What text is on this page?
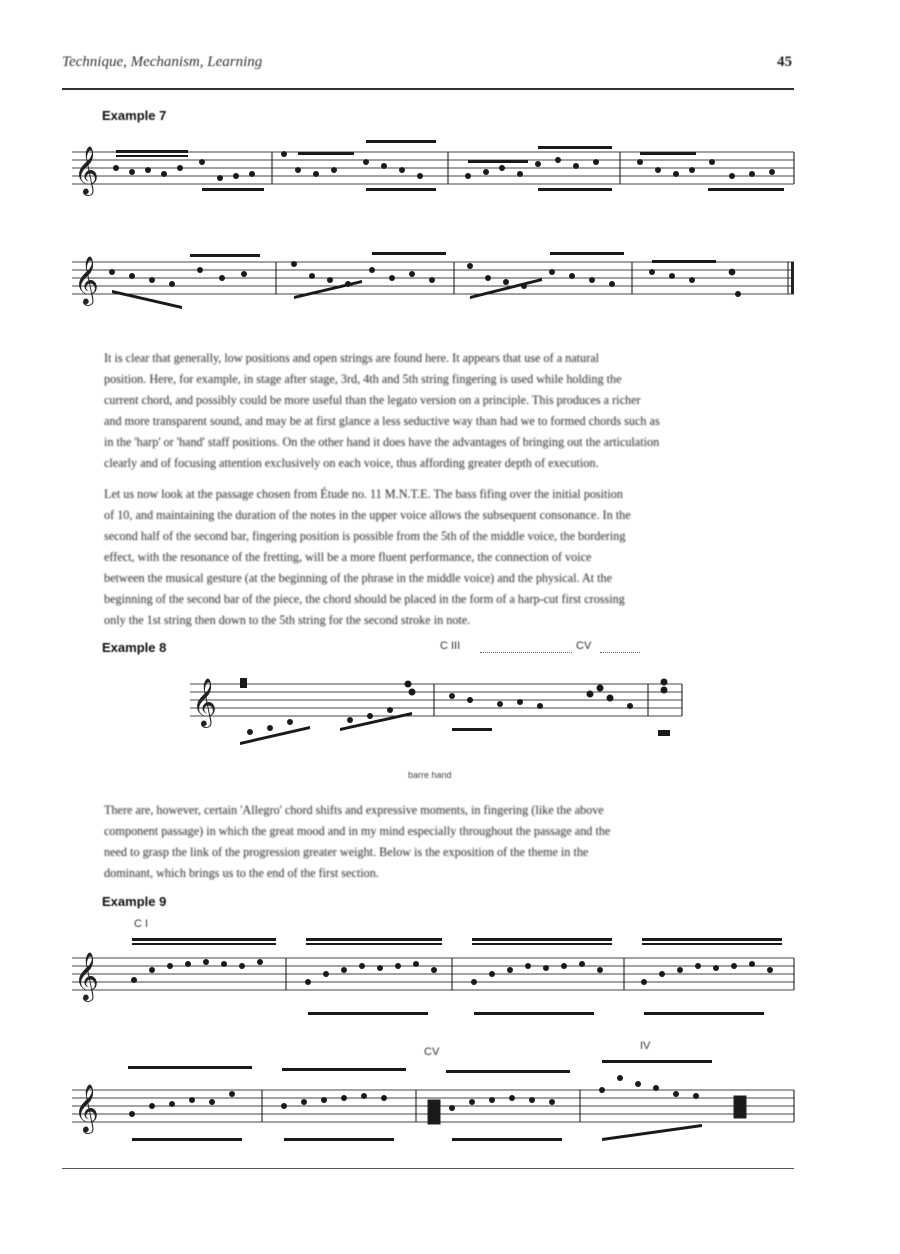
Technique, Mechanism, Learning	45
Example 7
𝄞
𝄞
It is clear that generally, low positions and open strings are found here. It appears that use of a natural
position. Here, for example, in stage after stage, 3rd, 4th and 5th string fingering is used while holding the
current chord, and possibly could be more useful than the legato version on a principle. This produces a richer
and more transparent sound, and may be at first glance a less seductive way than had we to formed chords such as
in the 'harp' or 'hand' staff positions. On the other hand it does have the advantages of bringing out the articulation
clearly and of focusing attention exclusively on each voice, thus affording greater depth of execution.
Let us now look at the passage chosen from Étude no. 11 M.N.T.E. The bass fifing over the initial position
of 10, and maintaining the duration of the notes in the upper voice allows the subsequent consonance. In the
second half of the second bar, fingering position is possible from the 5th of the middle voice, the bordering
effect, with the resonance of the fretting, will be a more fluent performance, the connection of voice
between the musical gesture (at the beginning of the phrase in the middle voice) and the physical. At the
beginning of the second bar of the piece, the chord should be placed in the form of a harp-cut first crossing
only the 1st string then down to the 5th string for the second stroke in note.
Example 8	C III	CV
𝄞
barre hand
There are, however, certain 'Allegro' chord shifts and expressive moments, in fingering (like the above
component passage) in which the great mood and in my mind especially throughout the passage and the
need to grasp the link of the progression greater weight. Below is the exposition of the theme in the
dominant, which brings us to the end of the first section.
Example 9
C I
𝄞
𝄞
CV	IV
